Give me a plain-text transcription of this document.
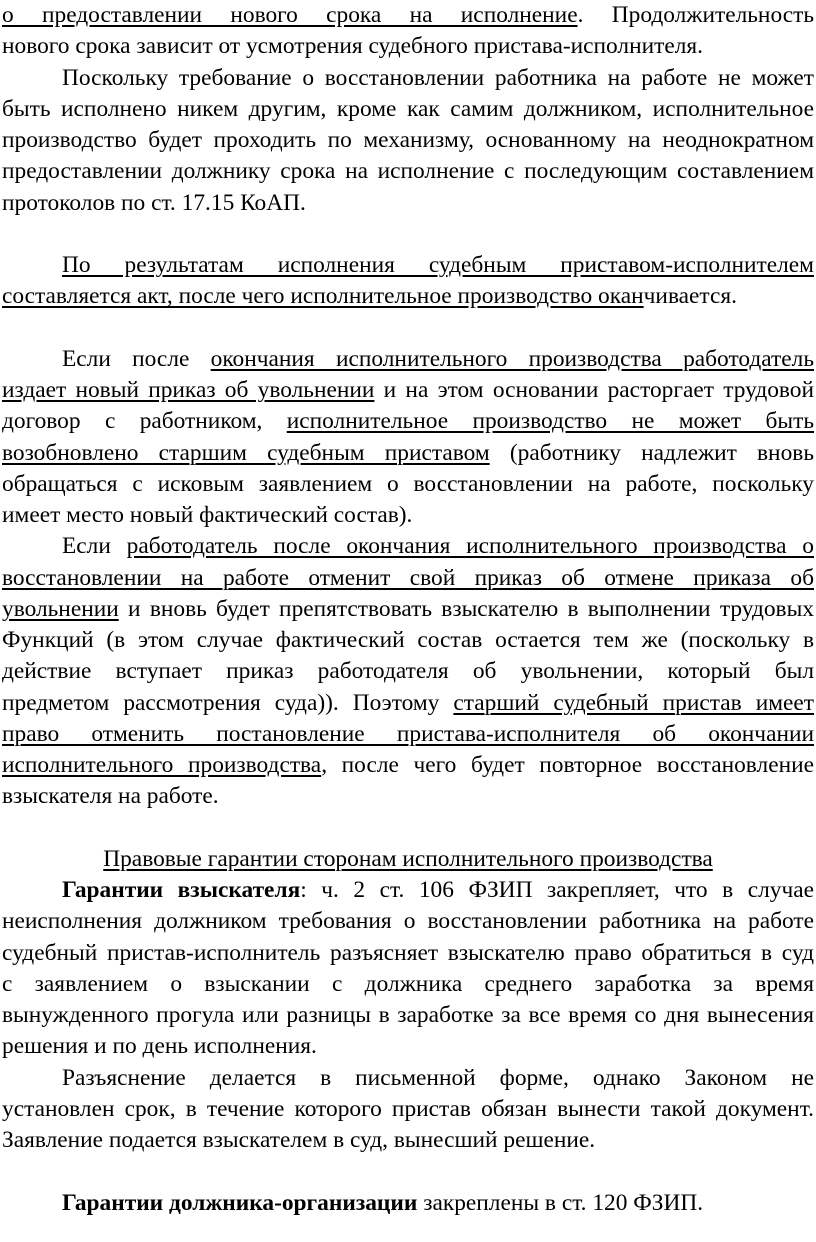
о предоставлении нового срока на исполнение. Продолжительность
нового срока зависит от усмотрения судебного пристава-исполнителя.
Поскольку требование о восстановлении работника на работе не может
быть исполнено никем другим, кроме как самим должником, исполнительное
производство будет проходить по механизму, основанному на неоднократном
предоставлении должнику срока на исполнение с последующим составлением
протоколов по ст. 17.15 КоАП.
По результатам исполнения судебным приставом-исполнителем
составляется акт, после чего исполнительное производство оканчивается.
Если после окончания исполнительного производства работодатель
издает новый приказ об увольнении и на этом основании расторгает трудовой
договор с работником, исполнительное производство не может быть
возобновлено старшим судебным приставом (работнику надлежит вновь
обращаться с исковым заявлением о восстановлении на работе, поскольку
имеет место новый фактический состав).
Если работодатель после окончания исполнительного производства о
восстановлении на работе отменит свой приказ об отмене приказа об
увольнении и вновь будет препятствовать взыскателю в выполнении трудовых
Функций (в этом случае фактический состав остается тем же (поскольку в
действие вступает приказ работодателя об увольнении, который был
предметом рассмотрения суда)). Поэтому старший судебный пристав имеет
право отменить постановление пристава-исполнителя об окончании
исполнительного производства, после чего будет повторное восстановление
взыскателя на работе.
Правовые гарантии сторонам исполнительного производства
Гарантии взыскателя: ч. 2 ст. 106 ФЗИП закрепляет, что в случае
неисполнения должником требования о восстановлении работника на работе
судебный пристав-исполнитель разъясняет взыскателю право обратиться в суд
с заявлением о взыскании с должника среднего заработка за время
вынужденного прогула или разницы в заработке за все время со дня вынесения
решения и по день исполнения.
Разъяснение делается в письменной форме, однако Законом не
установлен срок, в течение которого пристав обязан вынести такой документ.
Заявление подается взыскателем в суд, вынесший решение.
Гарантии должника-организации закреплены в ст. 120 ФЗИП.
